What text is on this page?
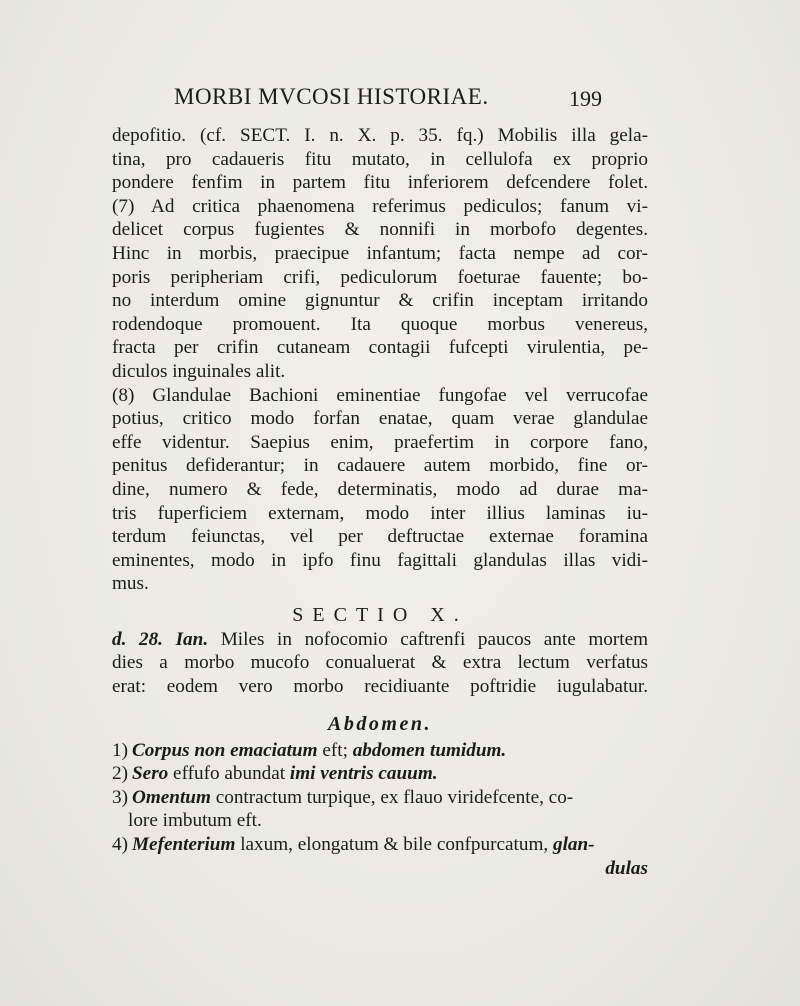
MORBI MVCOSI HISTORIAE.	199
depofitio. (cf. SECT. I. n. X. p. 35. fq.) Mobilis illa gela-
tina, pro cadaueris fitu mutato, in cellulofa ex proprio
pondere fenfim in partem fitu inferiorem defcendere folet.
(7) Ad critica phaenomena referimus pediculos; fanum vi-
delicet corpus fugientes & nonnifi in morbofo degentes.
Hinc in morbis, praecipue infantum; facta nempe ad cor-
poris peripheriam crifi, pediculorum foeturae fauente; bo-
no interdum omine gignuntur & crifin inceptam irritando
rodendoque promouent. Ita quoque morbus venereus,
fracta per crifin cutaneam contagii fufcepti virulentia, pe-
diculos inguinales alit.
(8) Glandulae Bachioni eminentiae fungofae vel verrucofae
potius, critico modo forfan enatae, quam verae glandulae
effe videntur. Saepius enim, praefertim in corpore fano,
penitus defiderantur; in cadauere autem morbido, fine or-
dine, numero & fede, determinatis, modo ad durae ma-
tris fuperficiem externam, modo inter illius laminas iu-
terdum feiunctas, vel per deftructae externae foramina
eminentes, modo in ipfo finu fagittali glandulas illas vidi-
mus.
SECTIO X.
d. 28. Ian. Miles in nofocomio caftrenfi paucos ante mortem
dies a morbo mucofo conualuerat & extra lectum verfatus
erat: eodem vero morbo recidiuante poftridie iugulabatur.
Abdomen.
1) Corpus non emaciatum eft; abdomen tumidum.
2) Sero effufo abundat imi ventris cauum.
3) Omentum contractum turpique, ex flauo viridefcente, co-
lore imbutum eft.
4) Mefenterium laxum, elongatum & bile confpurcatum, glan-
dulas
